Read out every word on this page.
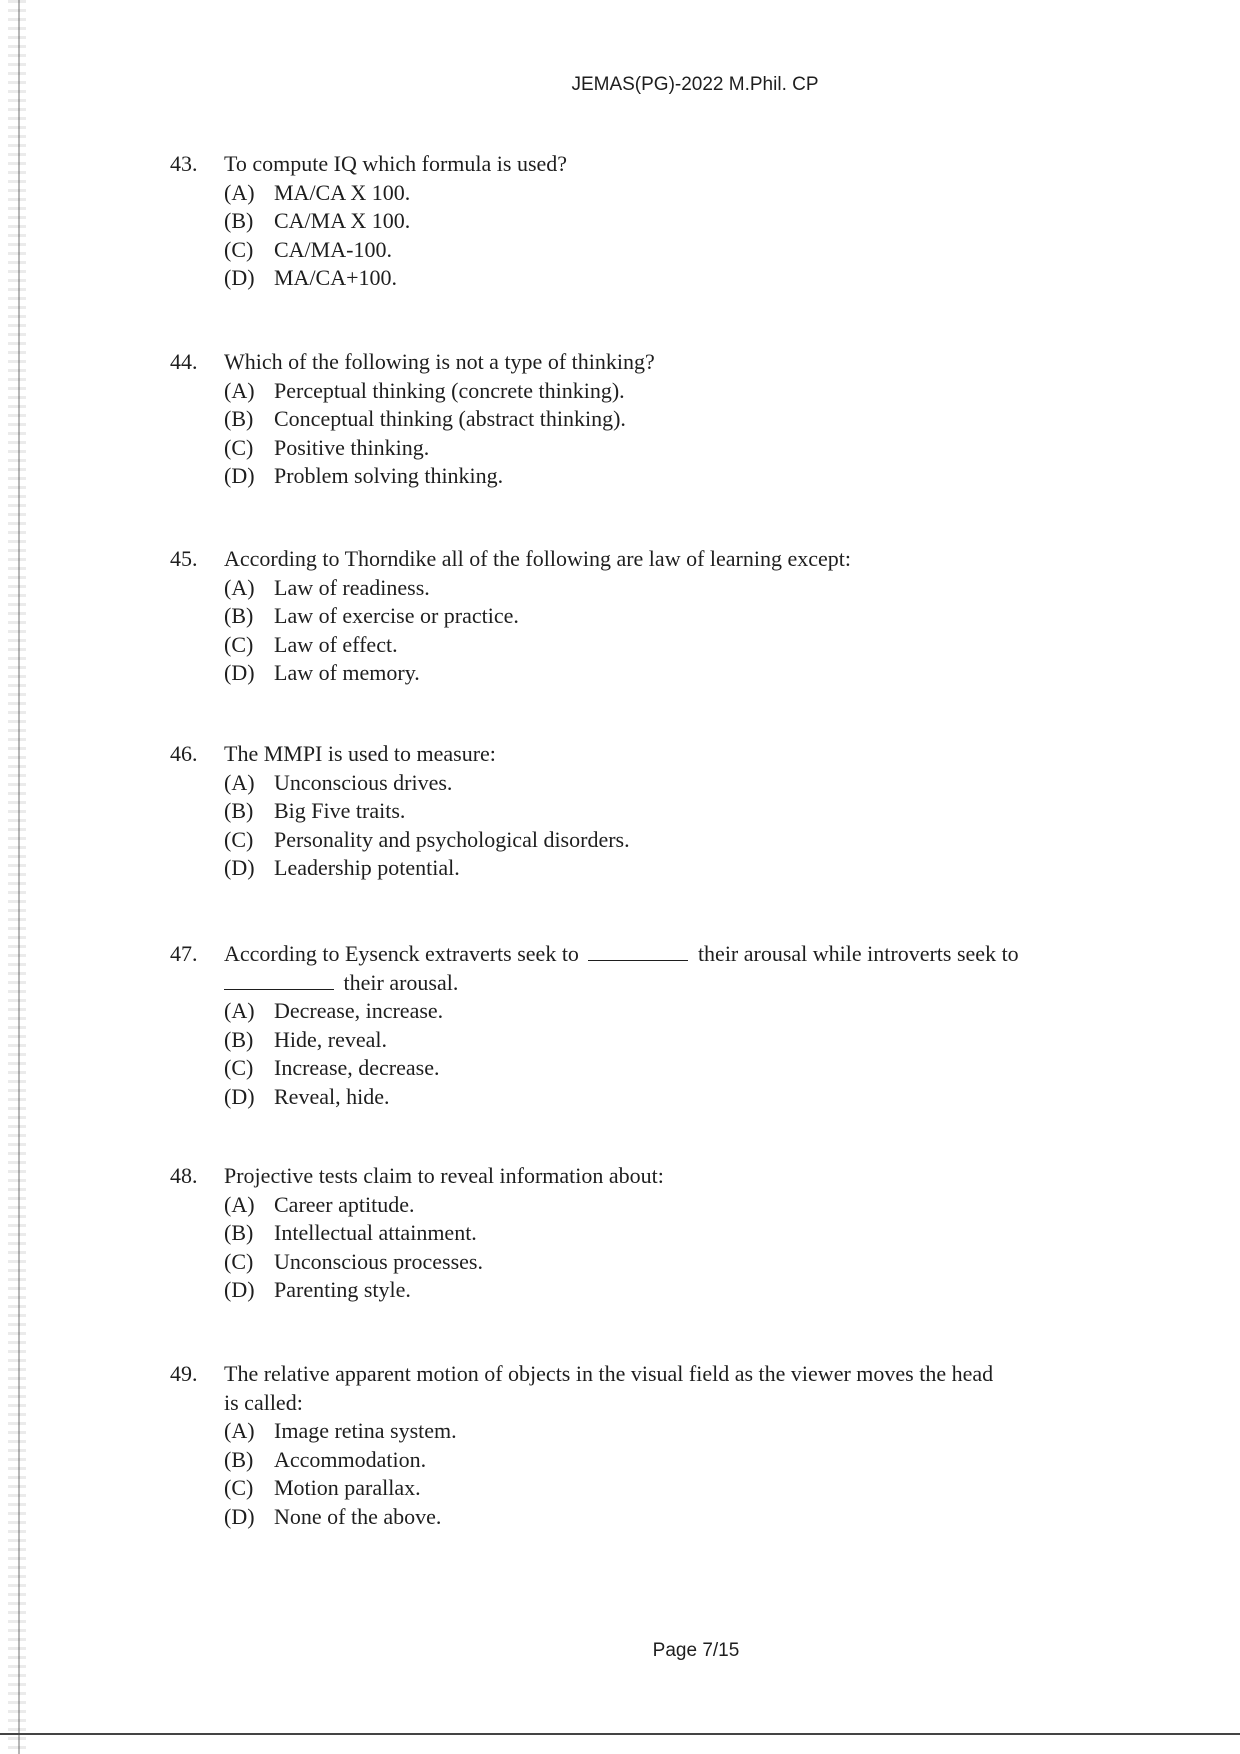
JEMAS(PG)-2022 M.Phil. CP
43.	To compute IQ which formula is used?
(A) MA/CA X 100.
(B) CA/MA X 100.
(C) CA/MA-100.
(D) MA/CA+100.
44.	Which of the following is not a type of thinking?
(A) Perceptual thinking (concrete thinking).
(B) Conceptual thinking (abstract thinking).
(C) Positive thinking.
(D) Problem solving thinking.
45.	According to Thorndike all of the following are law of learning except:
(A) Law of readiness.
(B) Law of exercise or practice.
(C) Law of effect.
(D) Law of memory.
46.	The MMPI is used to measure:
(A) Unconscious drives.
(B) Big Five traits.
(C) Personality and psychological disorders.
(D) Leadership potential.
47.	According to Eysenck extraverts seek to	their arousal while introverts seek to
their arousal.
(A) Decrease, increase.
(B) Hide, reveal.
(C) Increase, decrease.
(D) Reveal, hide.
48.	Projective tests claim to reveal information about:
(A) Career aptitude.
(B) Intellectual attainment.
(C) Unconscious processes.
(D) Parenting style.
49.	The relative apparent motion of objects in the visual field as the viewer moves the head
is called:
(A) Image retina system.
(B) Accommodation.
(C) Motion parallax.
(D) None of the above.
Page 7/15
